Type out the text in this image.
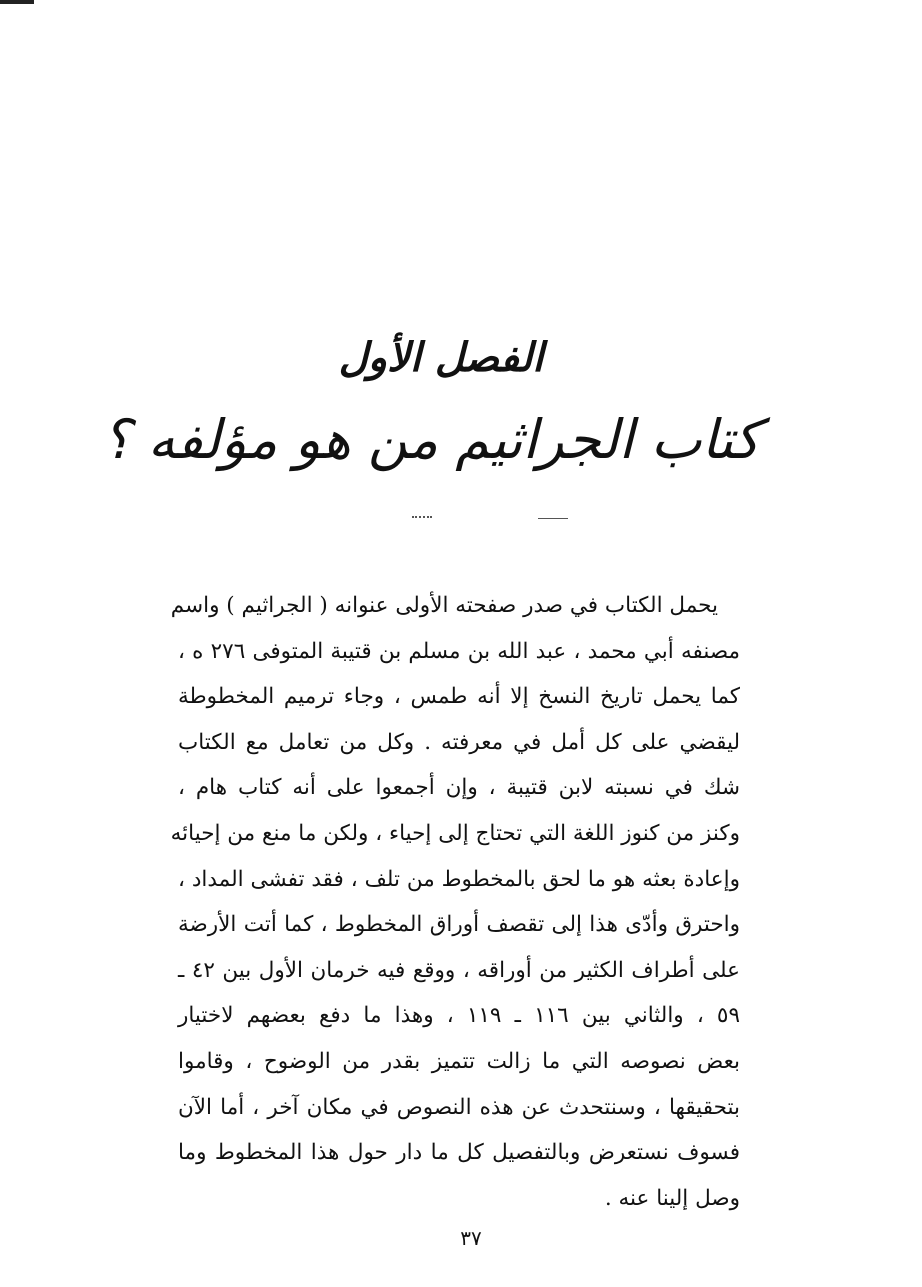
الفصل الأول
كتاب الجراثيم من هو مؤلفه ؟
يحمل الكتاب في صدر صفحته الأولى عنوانه ( الجراثيم ) واسم
مصنفه أبي محمد ، عبد الله بن مسلم بن قتيبة المتوفى ٢٧٦ ه ،
كما يحمل تاريخ النسخ إلا أنه طمس ، وجاء ترميم المخطوطة
ليقضي على كل أمل في معرفته . وكل من تعامل مع الكتاب
شك في نسبته لابن قتيبة ، وإن أجمعوا على أنه كتاب هام ،
وكنز من كنوز اللغة التي تحتاج إلى إحياء ، ولكن ما منع من إحيائه
وإعادة بعثه هو ما لحق بالمخطوط من تلف ، فقد تفشى المداد ،
واحترق وأدّى هذا إلى تقصف أوراق المخطوط ، كما أتت الأرضة
على أطراف الكثير من أوراقه ، ووقع فيه خرمان الأول بين ٤٢ ـ
٥٩ ، والثاني بين ١١٦ ـ ١١٩ ، وهذا ما دفع بعضهم لاختيار
بعض نصوصه التي ما زالت تتميز بقدر من الوضوح ، وقاموا
بتحقيقها ، وسنتحدث عن هذه النصوص في مكان آخر ، أما الآن
فسوف نستعرض وبالتفصيل كل ما دار حول هذا المخطوط وما
وصل إلينا عنه .
٣٧
